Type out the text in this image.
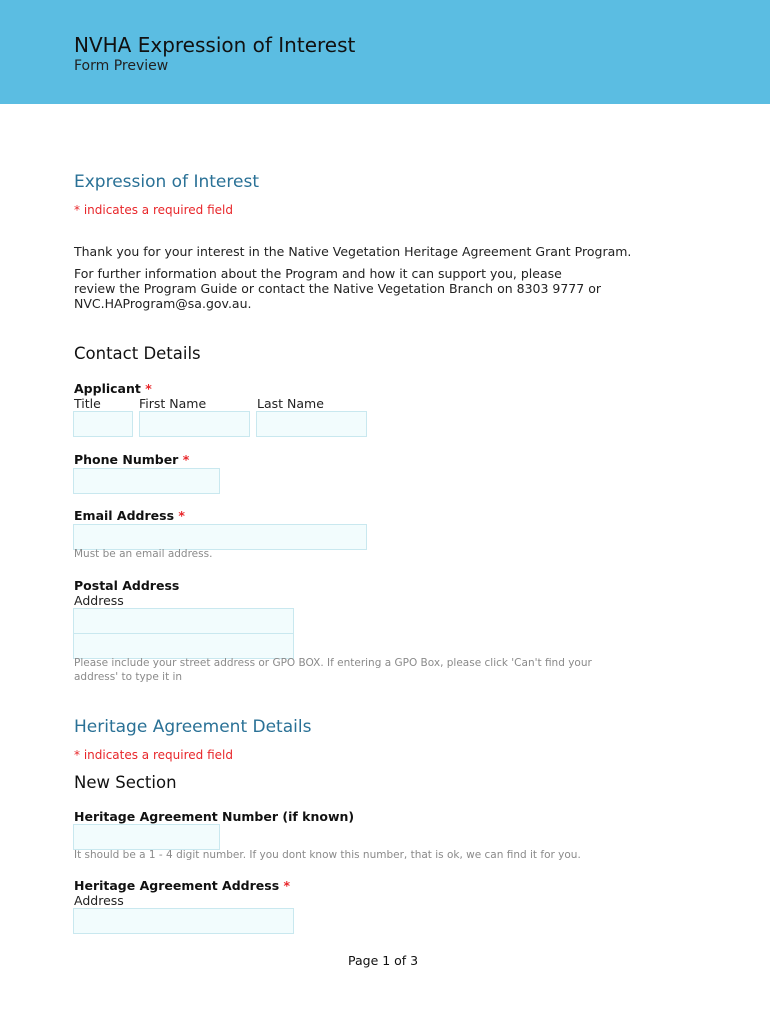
NVHA Expression of Interest
Form Preview
Expression of Interest
* indicates a required field
Thank you for your interest in the Native Vegetation Heritage Agreement Grant Program.
For further information about the Program and how it can support you, please
review the Program Guide or contact the Native Vegetation Branch on 8303 9777 or
NVC.HAProgram@sa.gov.au.
Contact Details
Applicant *
Title	First Name	Last Name
Phone Number *
Email Address *
Must be an email address.
Postal Address
Address
Please include your street address or GPO BOX. If entering a GPO Box, please click 'Can't find your
address' to type it in
Heritage Agreement Details
* indicates a required field
New Section
Heritage Agreement Number (if known)
It should be a 1 - 4 digit number. If you dont know this number, that is ok, we can find it for you.
Heritage Agreement Address *
Address
Page 1 of 3
